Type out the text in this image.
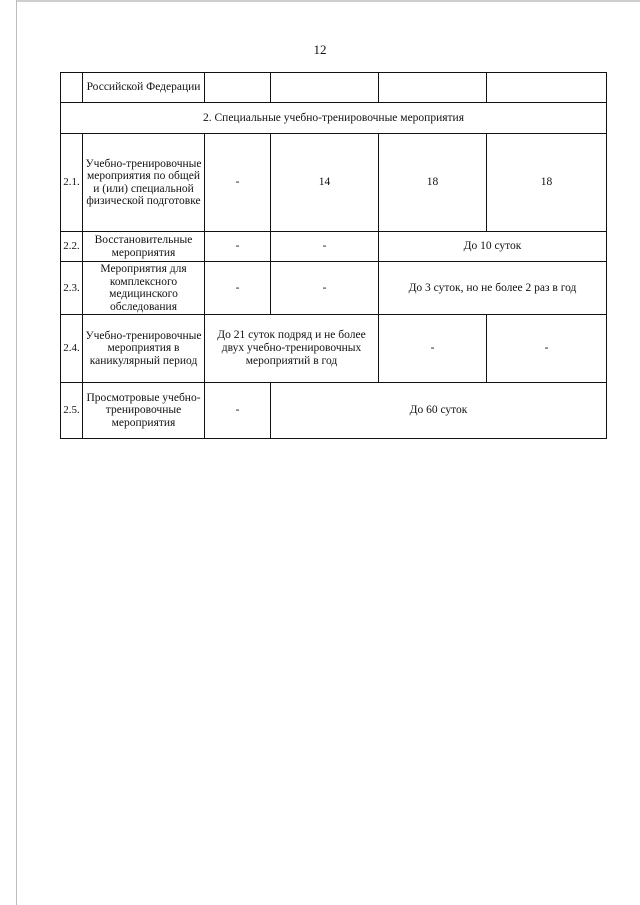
12
	Российской Федерации				
2. Специальные учебно-тренировочные мероприятия					
2.1.	Учебно-тренировочные мероприятия по общей и (или) специальной физической подготовке	-	14	18	18
2.2.	Восстановительные мероприятия	-	-	До 10 суток	
2.3.	Мероприятия для комплексного медицинского обследования	-	-	До 3 суток, но не более 2 раз в год	
2.4.	Учебно-тренировочные мероприятия в каникулярный период	До 21 суток подряд и не более двух учебно-тренировочных мероприятий в год		-	-
2.5.	Просмотровые учебно-тренировочные мероприятия	-	До 60 суток		
